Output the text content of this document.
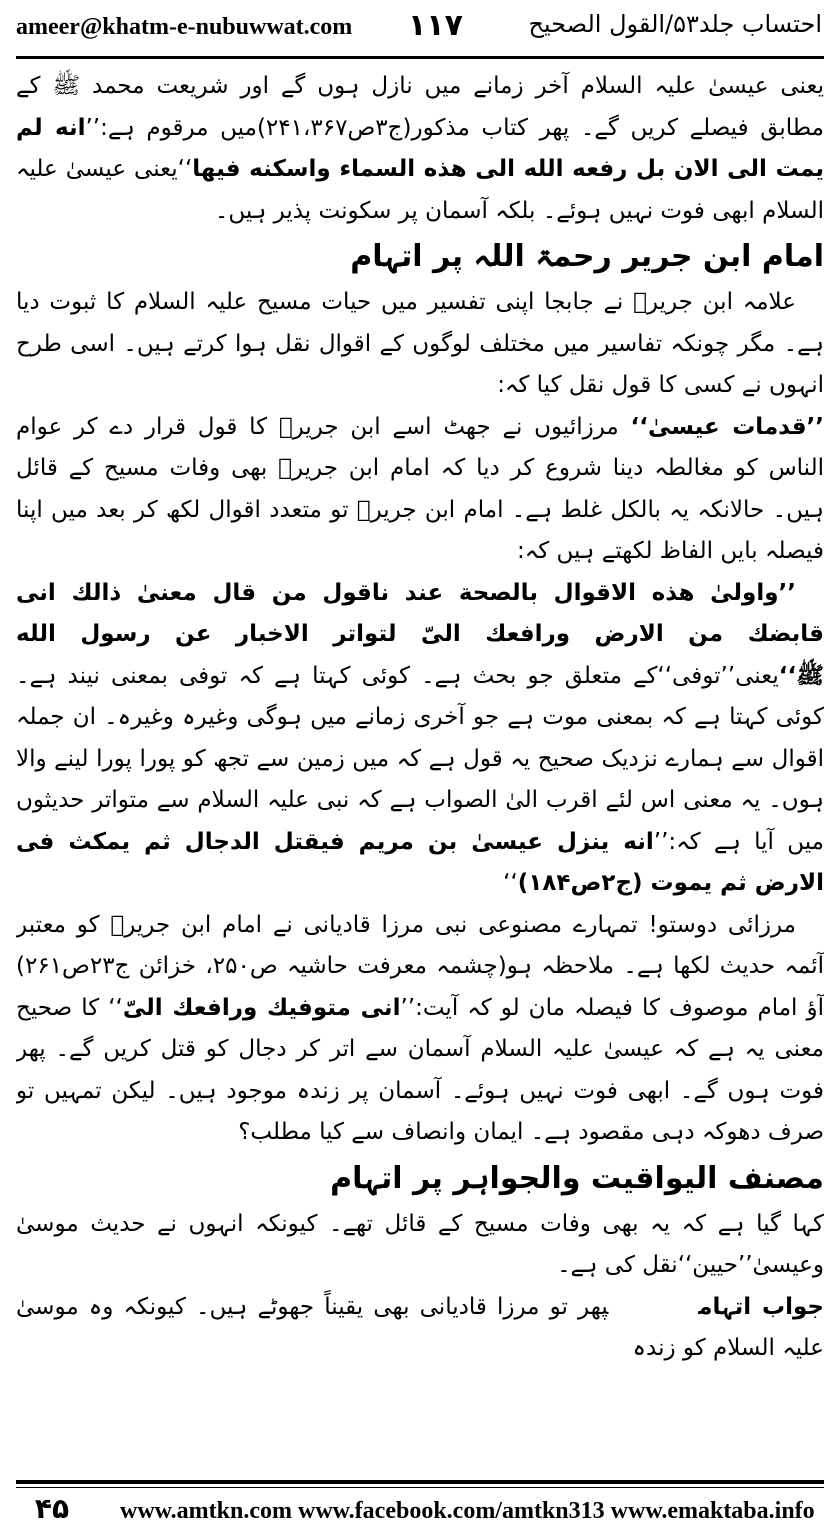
ameer@khatm-e-nubuwwat.com ١١٧	احتساب جلد۵۳/القول الصحیح

یعنی عیسیٰ علیہ السلام آخر زمانے میں نازل ہوں گے اور شریعت محمد ﷺ کے مطابق فیصلے کریں گے۔ پھر کتاب مذکور(ج۳ص۲۴۱،۳۶۷)میں مرقوم ہے:’’انه لم یمت الی الان بل رفعه الله الی هذه السماء واسکنه فیها‘‘یعنی عیسیٰ علیہ السلام ابھی فوت نہیں ہوئے۔ بلکہ آسمان پر سکونت پذیر ہیں۔

امام ابن جریر رحمۃ اللہ پر اتہام

علامہ ابن جریرؒ نے جابجا اپنی تفسیر میں حیات مسیح علیہ السلام کا ثبوت دیا ہے۔ مگر چونکہ تفاسیر میں مختلف لوگوں کے اقوال نقل ہوا کرتے ہیں۔ اسی طرح انہوں نے کسی کا قول نقل کیا کہ:

’’قدمات عیسیٰ‘‘ مرزائیوں نے جھٹ اسے ابن جریرؒ کا قول قرار دے کر عوام الناس کو مغالطہ دینا شروع کر دیا کہ امام ابن جریرؒ بھی وفات مسیح کے قائل ہیں۔ حالانکہ یہ بالکل غلط ہے۔ امام ابن جریرؒ تو متعدد اقوال لکھ کر بعد میں اپنا فیصلہ بایں الفاظ لکھتے ہیں کہ:

’’واولیٰ هذه الاقوال بالصحة عند ناقول من قال معنیٰ ذالك انی قابضك من الارض ورافعك الیّ لتواتر الاخبار عن رسول الله ﷺ‘‘یعنی’’توفی‘‘کے متعلق جو بحث ہے۔ کوئی کہتا ہے کہ توفی بمعنی نیند ہے۔ کوئی کہتا ہے کہ بمعنی موت ہے جو آخری زمانے میں ہوگی وغیرہ وغیرہ۔ ان جملہ اقوال سے ہمارے نزدیک صحیح یہ قول ہے کہ میں زمین سے تجھ کو پورا پورا لینے والا ہوں۔ یہ معنی اس لئے اقرب الیٰ الصواب ہے کہ نبی علیہ السلام سے متواتر حدیثوں میں آیا ہے کہ:’’انه ینزل عیسیٰ بن مریم فیقتل الدجال ثم یمکث فی الارض ثم یموت (ج۲ص۱۸۴)‘‘

مرزائی دوستو! تمہارے مصنوعی نبی مرزا قادیانی نے امام ابن جریرؒ کو معتبر آئمہ حدیث لکھا ہے۔ ملاحظہ ہو(چشمہ معرفت حاشیہ ص۲۵۰، خزائن ج۲۳ص۲۶۱) آؤ امام موصوف کا فیصلہ مان لو کہ آیت:’’انی متوفیك ورافعك الیّ‘‘ کا صحیح معنی یہ ہے کہ عیسیٰ علیہ السلام آسمان سے اتر کر دجال کو قتل کریں گے۔ پھر فوت ہوں گے۔ ابھی فوت نہیں ہوئے۔ آسمان پر زندہ موجود ہیں۔ لیکن تمہیں تو صرف دھوکہ دہی مقصود ہے۔ ایمان وانصاف سے کیا مطلب؟

مصنف الیواقیت والجواہر پر اتہام

کہا گیا ہے کہ یہ بھی وفات مسیح کے قائل تھے۔ کیونکہ انہوں نے حدیث موسیٰ وعیسیٰ’’حیین‘‘نقل کی ہے۔

جواب اتہامپھر تو مرزا قادیانی بھی یقیناً جھوٹے ہیں۔ کیونکہ وہ موسیٰ علیہ السلام کو زندہ

۴۵	www.amtkn.com www.facebook.com/amtkn313 www.emaktaba.info
